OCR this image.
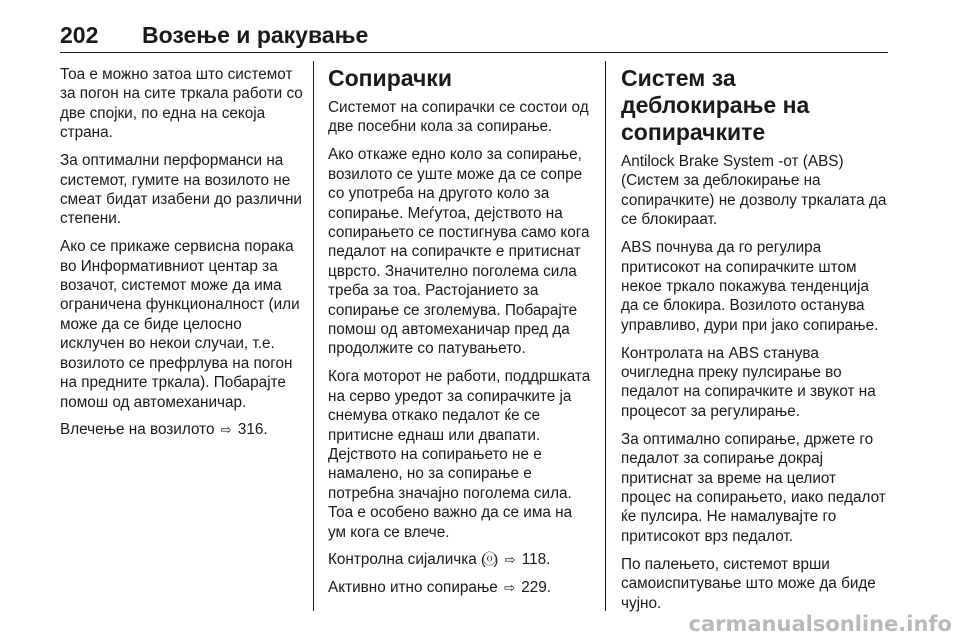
202 Возење и ракување

Тоа е можно затоа што системот за погон на сите тркала работи со две спојки, по една на секоја страна.

За оптимални перформанси на системот, гумите на возилото не смеат бидат изабени до различни степени.

Ако се прикаже сервисна порака во Информативниот центар за возачот, системот може да има ограничена функционалност (или може да се биде целосно исклучен во некои случаи, т.е. возилото се префрлува на погон на предните тркала). Побарајте помош од автомеханичар.

Влечење на возилото ⇨ 316.

Сопирачки

Системот на сопирачки се состои од две посебни кола за сопирање.

Ако откаже едно коло за сопирање, возилото се уште може да се сопре со употреба на другото коло за сопирање. Меѓутоа, дејството на сопирањето се постигнува само кога педалот на сопирачкте е притиснат цврсто. Значително поголема сила треба за тоа. Растојанието за сопирање се зголемува. Побарајте помош од автомеханичар пред да продолжите со патувањето.

Кога моторот не работи, поддршката на серво уредот за сопирачките ја снемува откако педалот ќе се притисне еднаш или двапати. Дејството на сопирањето не е намалено, но за сопирање е потребна значајно поголема сила. Тоа е особено важно да се има на ум кога се влече.

Контролна сијаличка (ⓞ) ⇨ 118.

Активно итно сопирање ⇨ 229.

Систем за деблокирање на сопирачките

Antilock Brake System -от (ABS) (Систем за деблокирање на сопирачките) не дозволу тркалата да се блокираат.

ABS почнува да го регулира притисокот на сопирачките штом некое тркало покажува тенденција да се блокира. Возилото останува управливо, дури при јако сопирање.

Контролата на ABS станува очигледна преку пулсирање во педалот на сопирачките и звукот на процесот за регулирање.

За оптимално сопирање, држете го педалот за сопирање докрај притиснат за време на целиот процес на сопирањето, иако педалот ќе пулсира. Не намалувајте го притисокот врз педалот.

По палењето, системот врши самоиспитување што може да биде чујно.

carmanualsonline.info
